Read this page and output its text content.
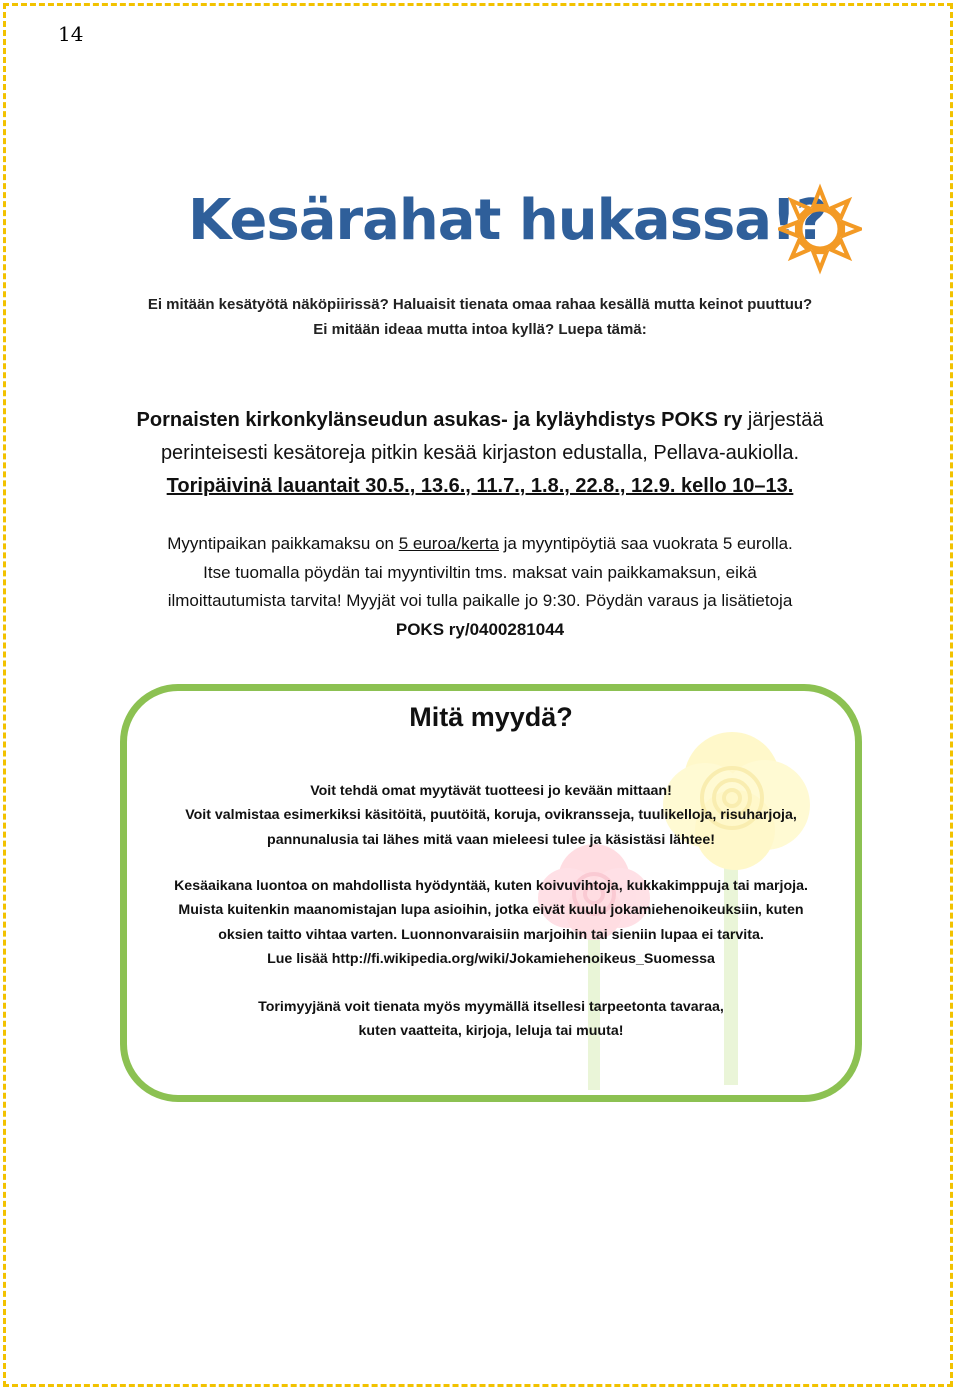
14
Kesärahat hukassa!?
Ei mitään kesätyötä näköpiirissä? Haluaisit tienata omaa rahaa kesällä mutta keinot puuttuu?
Ei mitään ideaa mutta intoa kyllä? Luepa tämä:
Pornaisten kirkonkylänseudun asukas- ja kyläyhdistys POKS ry järjestää
perinteisesti kesätoreja pitkin kesää kirjaston edustalla, Pellava-aukiolla.
Toripäivinä lauantait 30.5., 13.6., 11.7., 1.8., 22.8., 12.9. kello 10–13.
Myyntipaikan paikkamaksu on 5 euroa/kerta ja myyntipöytiä saa vuokrata 5 eurolla.
Itse tuomalla pöydän tai myyntiviltin tms. maksat vain paikkamaksun, eikä
ilmoittautumista tarvita! Myyjät voi tulla paikalle jo 9:30. Pöydän varaus ja lisätietoja
POKS ry/0400281044
Mitä myydä?
Voit tehdä omat myytävät tuotteesi jo kevään mittaan!
Voit valmistaa esimerkiksi käsitöitä, puutöitä, koruja, ovikransseja, tuulikelloja, risuharjoja,
pannunalusia tai lähes mitä vaan mieleesi tulee ja käsistäsi lähtee!
Kesäaikana luontoa on mahdollista hyödyntää, kuten koivuvihtoja, kukkakimppuja tai marjoja.
Muista kuitenkin maanomistajan lupa asioihin, jotka eivät kuulu jokamiehenoikeuksiin, kuten
oksien taitto vihtaa varten. Luonnonvaraisiin marjoihin tai sieniin lupaa ei tarvita.
Lue lisää http://fi.wikipedia.org/wiki/Jokamiehenoikeus_Suomessa
Torimyyjänä voit tienata myös myymällä itsellesi tarpeetonta tavaraa,
kuten vaatteita, kirjoja, leluja tai muuta!
